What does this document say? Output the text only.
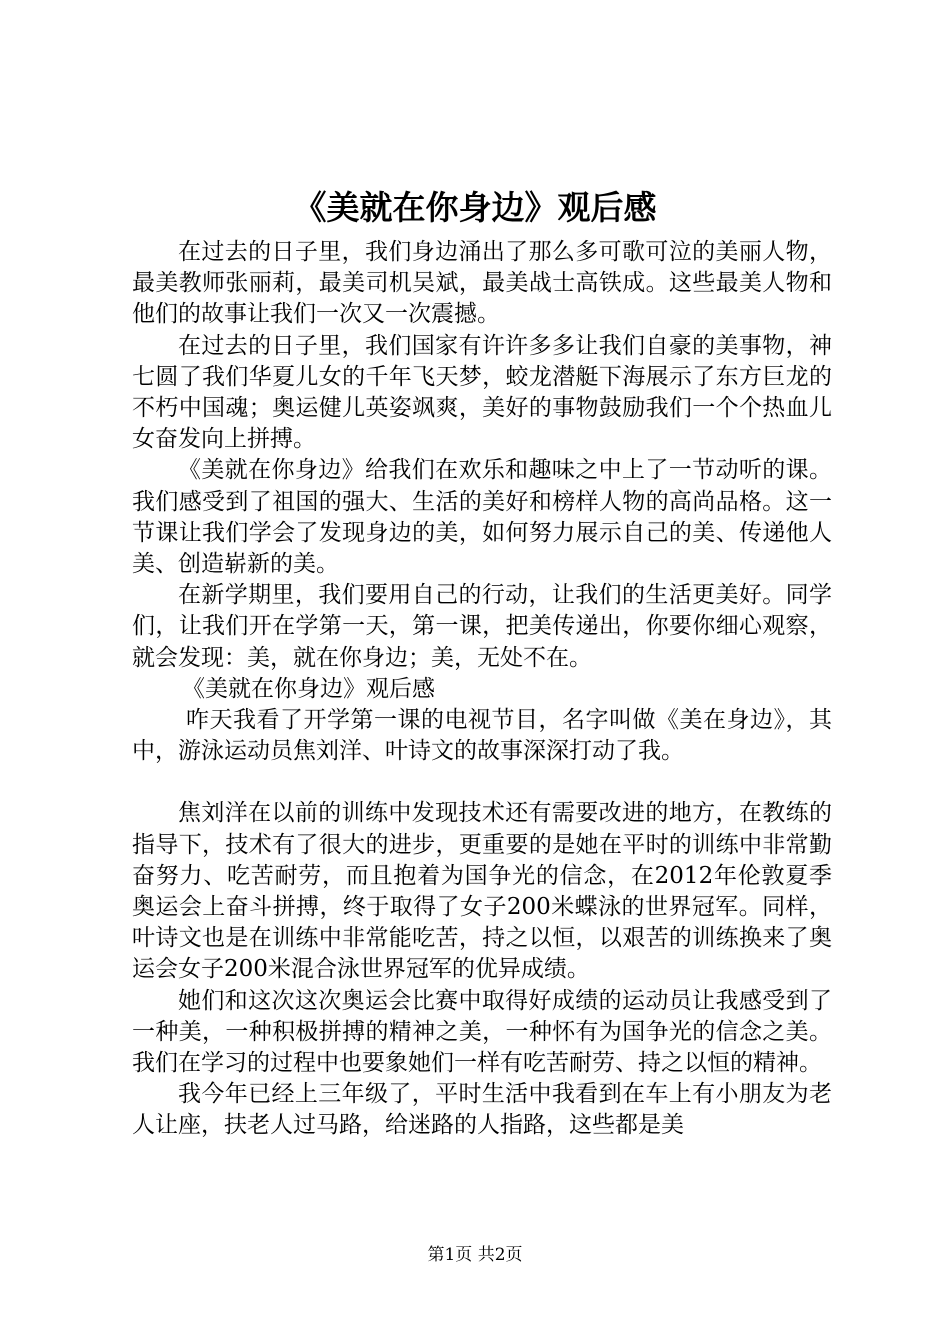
《美就在你身边》观后感

在过去的日子里，我们身边涌出了那么多可歌可泣的美丽人物，最美教师张丽莉，最美司机吴斌，最美战士高铁成。这些最美人物和他们的故事让我们一次又一次震撼。

在过去的日子里，我们国家有许许多多让我们自豪的美事物，神七圆了我们华夏儿女的千年飞天梦，蛟龙潜艇下海展示了东方巨龙的不朽中国魂；奥运健儿英姿飒爽，美好的事物鼓励我们一个个热血儿女奋发向上拼搏。

《美就在你身边》给我们在欢乐和趣味之中上了一节动听的课。我们感受到了祖国的强大、生活的美好和榜样人物的高尚品格。这一节课让我们学会了发现身边的美，如何努力展示自己的美、传递他人美、创造崭新的美。

在新学期里，我们要用自己的行动，让我们的生活更美好。同学们，让我们开在学第一天，第一课，把美传递出，你要你细心观察，就会发现：美，就在你身边；美，无处不在。

《美就在你身边》观后感

咋天我看了开学第一课的电视节目，名字叫做《美在身边》，其中，游泳运动员焦刘洋、叶诗文的故事深深打动了我。

焦刘洋在以前的训练中发现技术还有需要改进的地方，在教练的指导下，技术有了很大的进步，更重要的是她在平时的训练中非常勤奋努力、吃苦耐劳，而且抱着为国争光的信念，在2012年伦敦夏季奥运会上奋斗拼搏，终于取得了女子200米蝶泳的世界冠军。同样，叶诗文也是在训练中非常能吃苦，持之以恒，以艰苦的训练换来了奥运会女子200米混合泳世界冠军的优异成绩。

她们和这次这次奥运会比赛中取得好成绩的运动员让我感受到了一种美，一种积极拼搏的精神之美，一种怀有为国争光的信念之美。我们在学习的过程中也要象她们一样有吃苦耐劳、持之以恒的精神。

我今年已经上三年级了，平时生活中我看到在车上有小朋友为老人让座，扶老人过马路，给迷路的人指路，这些都是美

第1页 共2页
